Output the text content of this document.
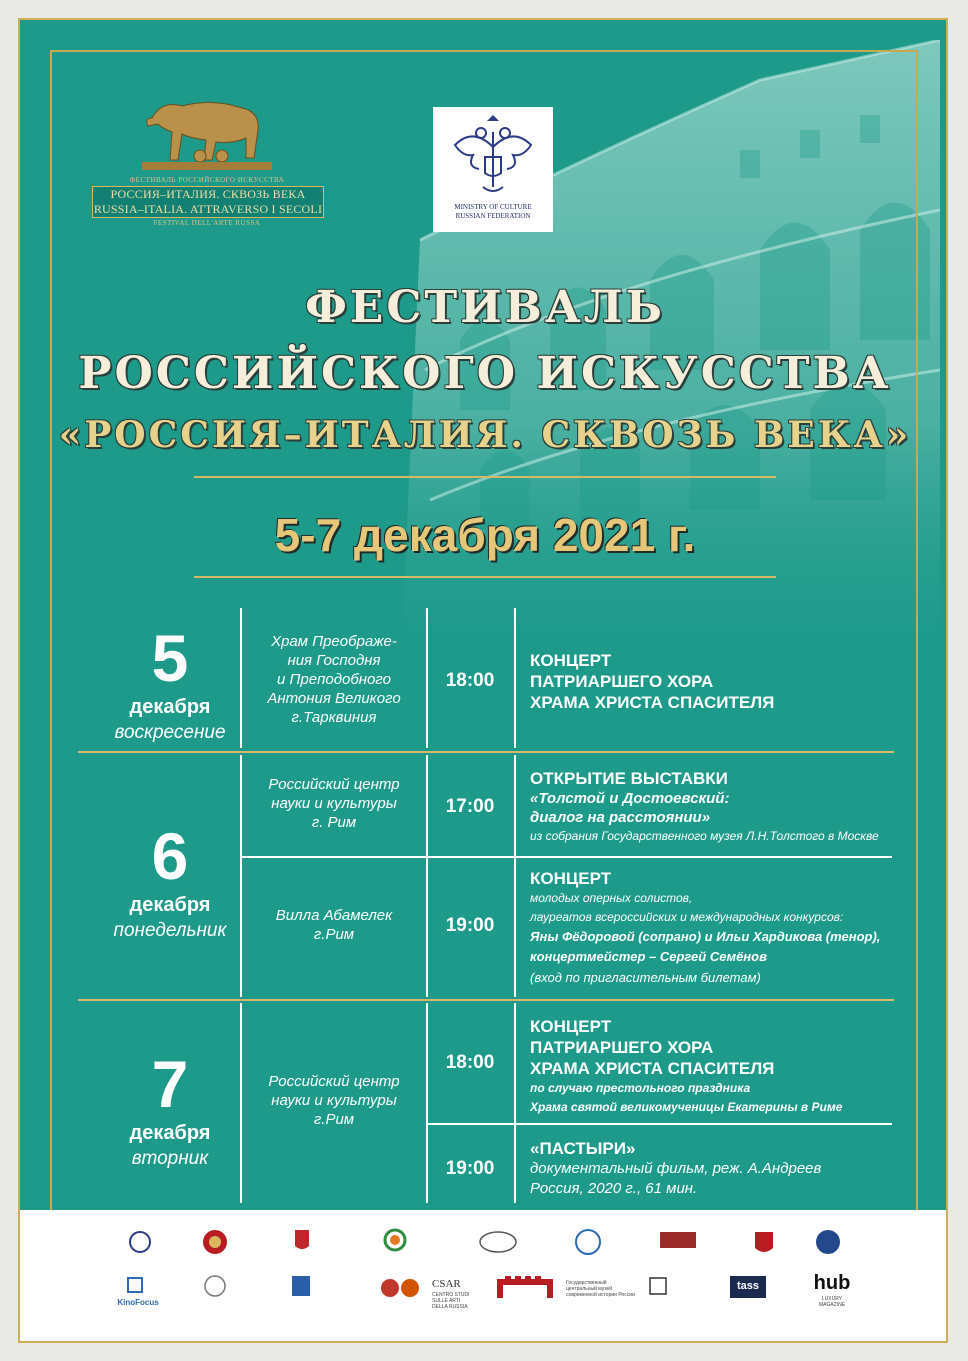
ФЕСТИВАЛЬ РОССИЙСКОГО ИСКУССТВА
РОССИЯ–ИТАЛИЯ. СКВОЗЬ ВЕКА
RUSSIA–ITALIA. ATTRAVERSO I SECOLI
FESTIVAL DELL'ARTE RUSSA
MINISTRY OF CULTURE
RUSSIAN FEDERATION
ФЕСТИВАЛЬ
РОССИЙСКОГО ИСКУССТВА
«РОССИЯ–ИТАЛИЯ. СКВОЗЬ ВЕКА»
5-7 декабря 2021 г.
5
декабря
воскресение
Храм Преображе-
ния Господня
и Преподобного
Антония Великого
г.Тарквиния
18:00
КОНЦЕРТ
ПАТРИАРШЕГО ХОРА
ХРАМА ХРИСТА СПАСИТЕЛЯ
6
декабря
понедельник
Российский центр
науки и культуры
г. Рим
17:00
ОТКРЫТИЕ ВЫСТАВКИ
«Толстой и Достоевский:
диалог на расстоянии»
из собрания Государственного музея Л.Н.Толстого в Москве
Вилла Абамелек
г.Рим	19:00
КОНЦЕРТ
молодых оперных солистов,
лауреатов всероссийских и международных конкурсов:
Яны Фёдоровой (сопрано) и Ильи Хардикова (тенор),
концертмейстер – Сергей Семёнов
(вход по пригласительным билетам)
7
декабря
вторник
Российский центр
науки и культуры
г.Рим
18:00
КОНЦЕРТ
ПАТРИАРШЕГО ХОРА
ХРАМА ХРИСТА СПАСИТЕЛЯ
по случаю престольного праздника
Храма святой великомученицы Екатерины в Риме
19:00
«ПАСТЫРИ»
документальный фильм, реж. А.Андреев
Россия, 2020 г., 61 мин.
KinoFocus
CSAR
CENTRO STUDI SULLE ARTI DELLA RUSSIA
Государственный центральный музей современной истории России
tass	hub
LUXURY MAGAZINE
